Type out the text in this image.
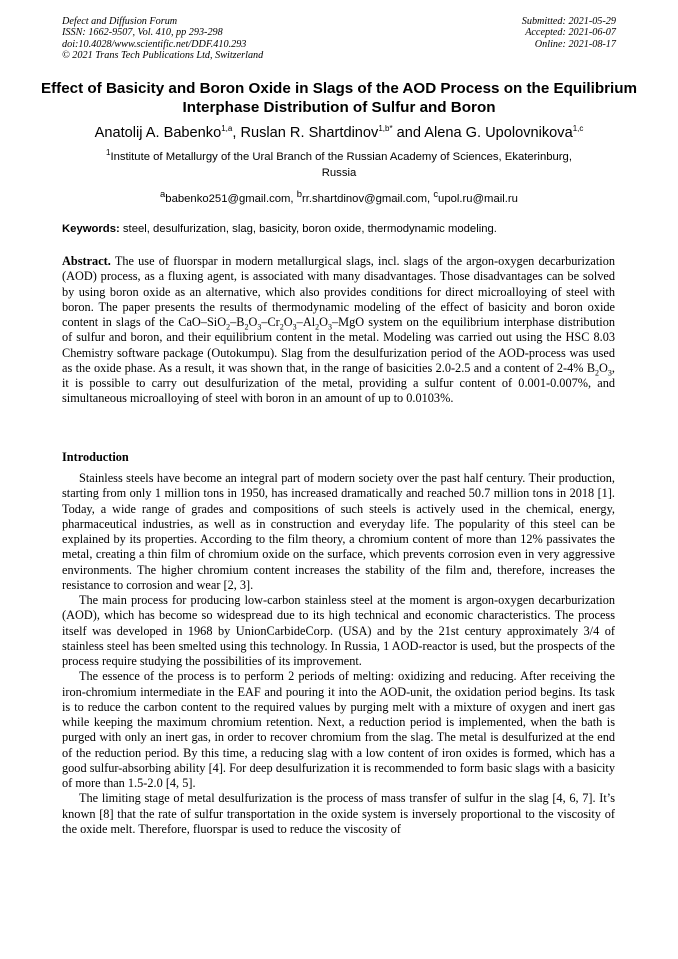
Defect and Diffusion Forum
ISSN: 1662-9507, Vol. 410, pp 293-298
doi:10.4028/www.scientific.net/DDF.410.293
© 2021 Trans Tech Publications Ltd, Switzerland
Submitted: 2021-05-29
Accepted: 2021-06-07
Online: 2021-08-17
Effect of Basicity and Boron Oxide in Slags of the AOD Process on the Equilibrium Interphase Distribution of Sulfur and Boron
Anatolij A. Babenko$^{1,a}$, Ruslan R. Shartdinov$^{1,b*}$ and Alena G. Upolovnikova$^{1,c}$
$^1$Institute of Metallurgy of the Ural Branch of the Russian Academy of Sciences, Ekaterinburg, Russia
$^a$babenko251@gmail.com, $^b$rr.shartdinov@gmail.com, $^c$upol.ru@mail.ru
Keywords: steel, desulfurization, slag, basicity, boron oxide, thermodynamic modeling.
Abstract. The use of fluorspar in modern metallurgical slags, incl. slags of the argon-oxygen decarburization (AOD) process, as a fluxing agent, is associated with many disadvantages. Those disadvantages can be solved by using boron oxide as an alternative, which also provides conditions for direct microalloying of steel with boron. The paper presents the results of thermodynamic modeling of the effect of basicity and boron oxide content in slags of the CaO–$SiO_2-B_2O_3-Cr_2O_3-Al_2O_3$–MgO system on the equilibrium interphase distribution of sulfur and boron, and their equilibrium content in the metal. Modeling was carried out using the HSC 8.03 Chemistry software package (Outokumpu). Slag from the desulfurization period of the AOD-process was used as the oxide phase. As a result, it was shown that, in the range of basicities 2.0-2.5 and a content of 2-4% $B_2O_3$, it is possible to carry out desulfurization of the metal, providing a sulfur content of 0.001-0.007%, and simultaneous microalloying of steel with boron in an amount of up to 0.0103%.
Introduction

Stainless steels have become an integral part of modern society over the past half century. Their production, starting from only 1 million tons in 1950, has increased dramatically and reached 50.7 million tons in 2018 [1]. Today, a wide range of grades and compositions of such steels is actively used in the chemical, energy, pharmaceutical industries, as well as in construction and everyday life. The popularity of this steel can be explained by its properties. According to the film theory, a chromium content of more than 12% passivates the metal, creating a thin film of chromium oxide on the surface, which prevents corrosion even in very aggressive environments. The higher chromium content increases the stability of the film and, therefore, increases the resistance to corrosion and wear [2, 3].

The main process for producing low-carbon stainless steel at the moment is argon-oxygen decarburization (AOD), which has become so widespread due to its high technical and economic characteristics. The process itself was developed in 1968 by UnionCarbideCorp. (USA) and by the 21st century approximately 3/4 of stainless steel has been smelted using this technology. In Russia, 1 AOD-reactor is used, but the prospects of the process require studying the possibilities of its improvement.

The essence of the process is to perform 2 periods of melting: oxidizing and reducing. After receiving the iron-chromium intermediate in the EAF and pouring it into the AOD-unit, the oxidation period begins. Its task is to reduce the carbon content to the required values by purging melt with a mixture of oxygen and inert gas while keeping the maximum chromium retention. Next, a reduction period is implemented, when the bath is purged with only an inert gas, in order to recover chromium from the slag. The metal is desulfurized at the end of the reduction period. By this time, a reducing slag with a low content of iron oxides is formed, which has a good sulfur-absorbing ability [4]. For deep desulfurization it is recommended to form basic slags with a basicity of more than 1.5-2.0 [4, 5].

The limiting stage of metal desulfurization is the process of mass transfer of sulfur in the slag [4, 6, 7]. It’s known [8] that the rate of sulfur transportation in the oxide system is inversely proportional to the viscosity of the oxide melt. Therefore, fluorspar is used to reduce the viscosity of
